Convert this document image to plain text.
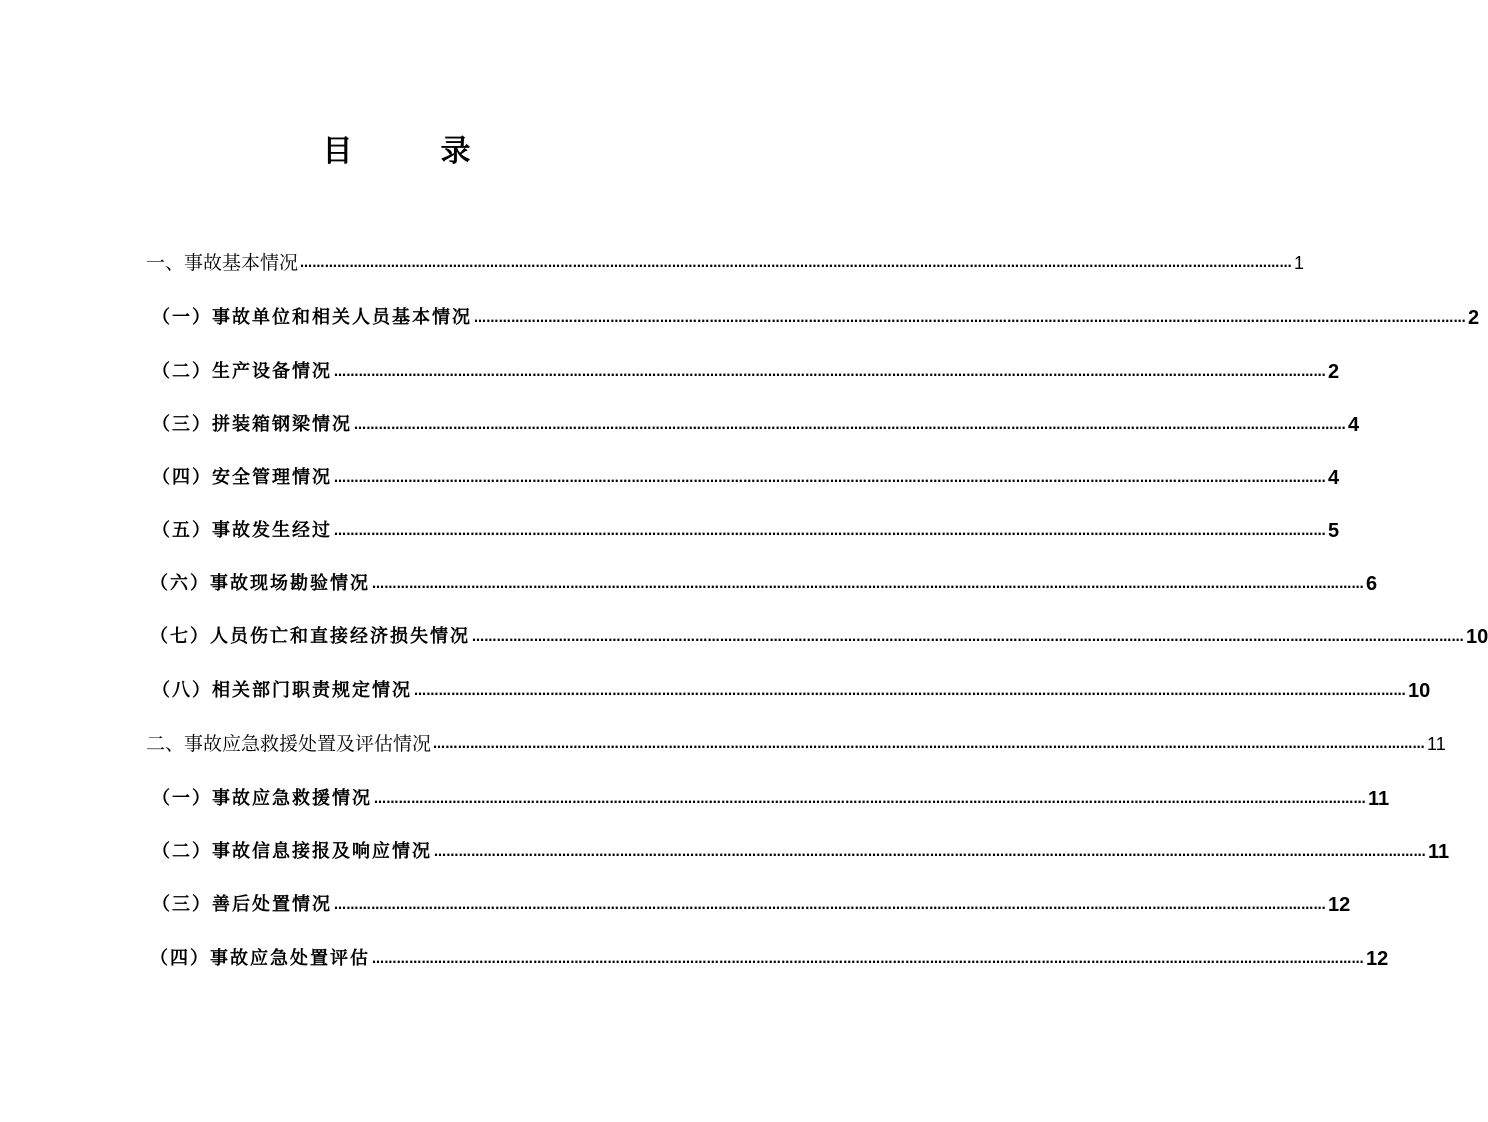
目	录
一、事故基本情况 …………………………………………………………………………………………………………………………………………………………………………………………………………………… 1
（一）事故单位和相关人员基本情况 …………………………………………………………………………………………………………………………………………………………………………………………………………………… 2
（二）生产设备情况 …………………………………………………………………………………………………………………………………………………………………………………………………………………… 2
（三）拼装箱钢梁情况 …………………………………………………………………………………………………………………………………………………………………………………………………………………… 4
（四）安全管理情况 …………………………………………………………………………………………………………………………………………………………………………………………………………………… 4
（五）事故发生经过 …………………………………………………………………………………………………………………………………………………………………………………………………………………… 5
（六）事故现场勘验情况 …………………………………………………………………………………………………………………………………………………………………………………………………………………… 6
（七）人员伤亡和直接经济损失情况 …………………………………………………………………………………………………………………………………………………………………………………………………………………… 10
（八）相关部门职责规定情况 …………………………………………………………………………………………………………………………………………………………………………………………………………………… 10
二、事故应急救援处置及评估情况 …………………………………………………………………………………………………………………………………………………………………………………………………………………… 11
（一）事故应急救援情况 …………………………………………………………………………………………………………………………………………………………………………………………………………………… 11
（二）事故信息接报及响应情况 …………………………………………………………………………………………………………………………………………………………………………………………………………………… 11
（三）善后处置情况 …………………………………………………………………………………………………………………………………………………………………………………………………………………… 12
（四）事故应急处置评估 …………………………………………………………………………………………………………………………………………………………………………………………………………………… 12
